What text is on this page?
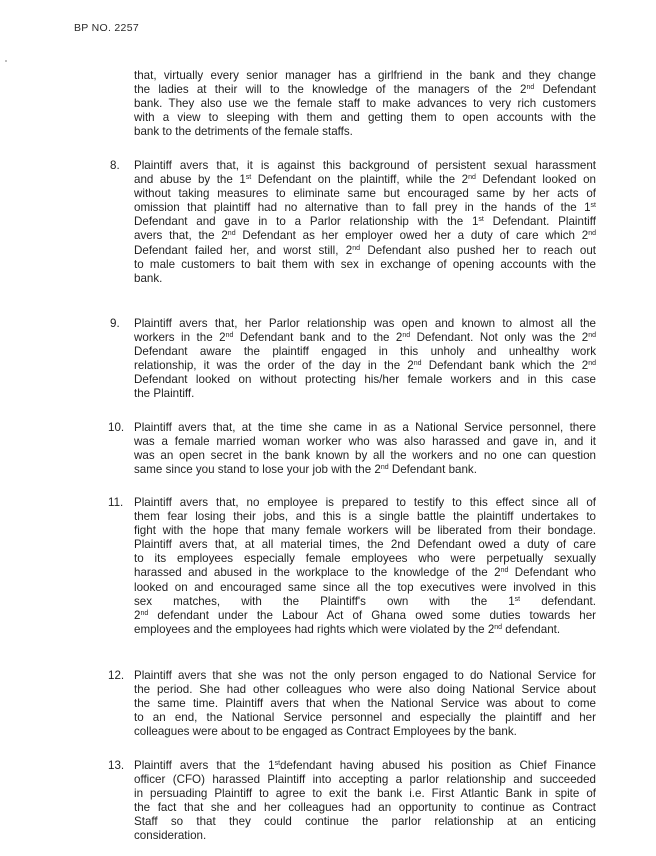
BP NO. 2257
that, virtually every senior manager has a girlfriend in the bank and they change
the ladies at their will to the knowledge of the managers of the 2nd Defendant
bank. They also use we the female staff to make advances to very rich customers
with a view to sleeping with them and getting them to open accounts with the
bank to the detriments of the female staffs.
8.	Plaintiff avers that, it is against this background of persistent sexual harassment
and abuse by the 1st Defendant on the plaintiff, while the 2nd Defendant looked on
without taking measures to eliminate same but encouraged same by her acts of
omission that plaintiff had no alternative than to fall prey in the hands of the 1st
Defendant and gave in to a Parlor relationship with the 1st Defendant. Plaintiff
avers that, the 2nd Defendant as her employer owed her a duty of care which 2nd
Defendant failed her, and worst still, 2nd Defendant also pushed her to reach out
to male customers to bait them with sex in exchange of opening accounts with the
bank.
9.	Plaintiff avers that, her Parlor relationship was open and known to almost all the
workers in the 2nd Defendant bank and to the 2nd Defendant. Not only was the 2nd
Defendant aware the plaintiff engaged in this unholy and unhealthy work
relationship, it was the order of the day in the 2nd Defendant bank which the 2nd
Defendant looked on without protecting his/her female workers and in this case
the Plaintiff.
10. Plaintiff avers that, at the time she came in as a National Service personnel, there
was a female married woman worker who was also harassed and gave in, and it
was an open secret in the bank known by all the workers and no one can question
same since you stand to lose your job with the 2nd Defendant bank.
11. Plaintiff avers that, no employee is prepared to testify to this effect since all of
them fear losing their jobs, and this is a single battle the plaintiff undertakes to
fight with the hope that many female workers will be liberated from their bondage.
Plaintiff avers that, at all material times, the 2nd Defendant owed a duty of care
to its employees especially female employees who were perpetually sexually
harassed and abused in the workplace to the knowledge of the 2nd Defendant who
looked on and encouraged same since all the top executives were involved in this
sex matches, with the Plaintiff's own with the 1st defendant.
2nd defendant under the Labour Act of Ghana owed some duties towards her
employees and the employees had rights which were violated by the 2nd defendant.
12. Plaintiff avers that she was not the only person engaged to do National Service for
the period. She had other colleagues who were also doing National Service about
the same time. Plaintiff avers that when the National Service was about to come
to an end, the National Service personnel and especially the plaintiff and her
colleagues were about to be engaged as Contract Employees by the bank.
13. Plaintiff avers that the 1stdefendant having abused his position as Chief Finance
officer (CFO) harassed Plaintiff into accepting a parlor relationship and succeeded
in persuading Plaintiff to agree to exit the bank i.e. First Atlantic Bank in spite of
the fact that she and her colleagues had an opportunity to continue as Contract
Staff so that they could continue the parlor relationship at an enticing
consideration.
